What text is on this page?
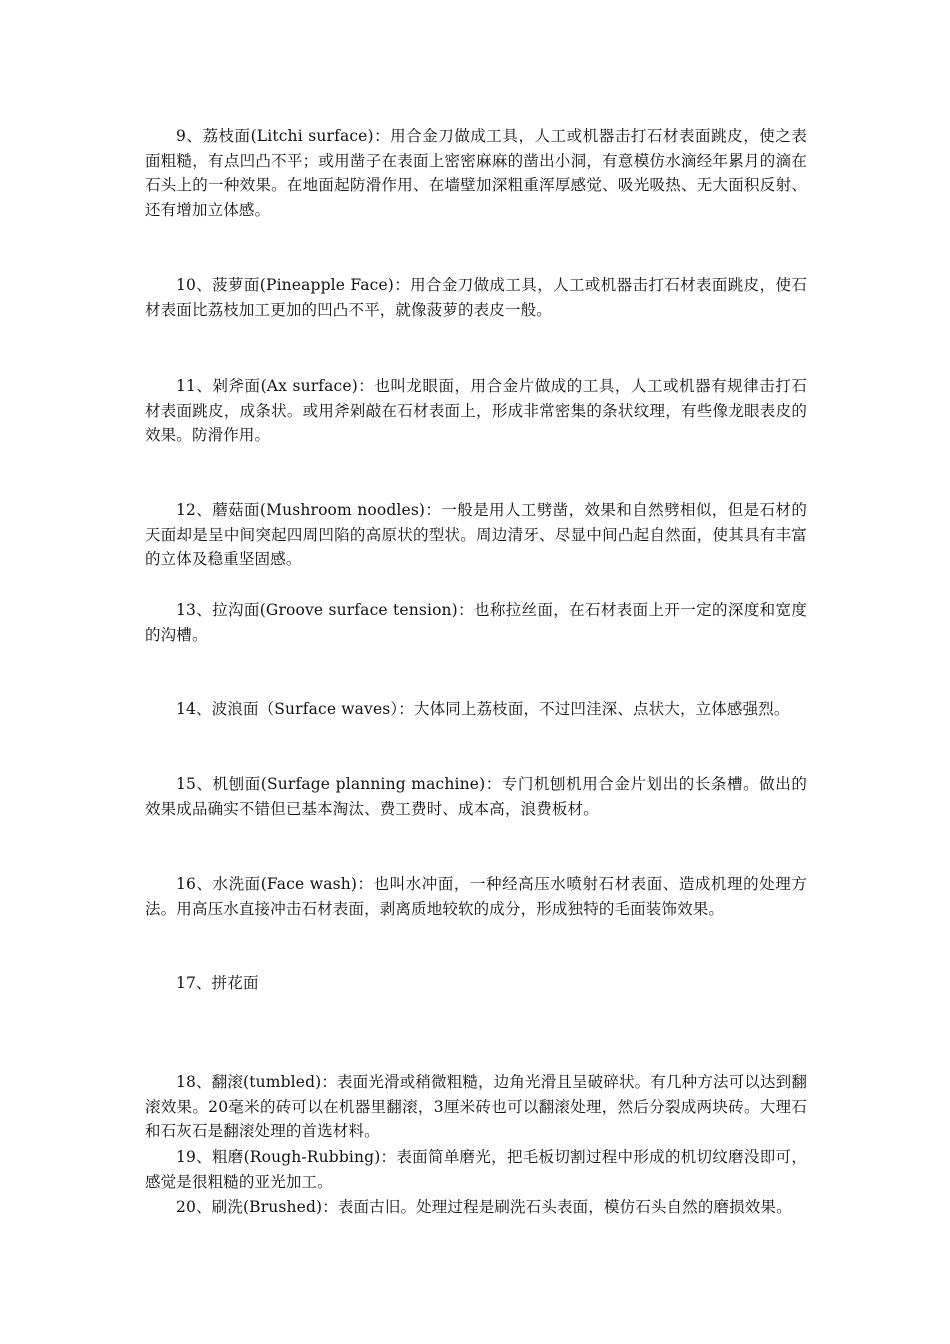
9、荔枝面(Litchi surface)：用合金刀做成工具，人工或机器击打石材表面跳皮，使之表面粗糙，有点凹凸不平；或用凿子在表面上密密麻麻的凿出小洞，有意模仿水滴经年累月的滴在石头上的一种效果。在地面起防滑作用、在墙壁加深粗重浑厚感觉、吸光吸热、无大面积反射、还有增加立体感。

10、菠萝面(Pineapple Face)：用合金刀做成工具，人工或机器击打石材表面跳皮，使石材表面比荔枝加工更加的凹凸不平，就像菠萝的表皮一般。

11、剁斧面(Ax surface)：也叫龙眼面，用合金片做成的工具，人工或机器有规律击打石材表面跳皮，成条状。或用斧剁敲在石材表面上，形成非常密集的条状纹理，有些像龙眼表皮的效果。防滑作用。

12、蘑菇面(Mushroom noodles)：一般是用人工劈凿，效果和自然劈相似，但是石材的天面却是呈中间突起四周凹陷的高原状的型状。周边清牙、尽显中间凸起自然面，使其具有丰富的立体及稳重坚固感。

13、拉沟面(Groove surface tension)：也称拉丝面，在石材表面上开一定的深度和宽度的沟槽。

14、波浪面（Surface waves）：大体同上荔枝面，不过凹洼深、点状大，立体感强烈。

15、机刨面(Surfage planning machine)：专门机刨机用合金片划出的长条槽。做出的效果成品确实不错但已基本淘汰、费工费时、成本高，浪费板材。

16、水洗面(Face wash)：也叫水冲面，一种经高压水喷射石材表面、造成机理的处理方法。用高压水直接冲击石材表面，剥离质地较软的成分，形成独特的毛面装饰效果。

17、拼花面

18、翻滚(tumbled)：表面光滑或稍微粗糙，边角光滑且呈破碎状。有几种方法可以达到翻滚效果。20毫米的砖可以在机器里翻滚，3厘米砖也可以翻滚处理，然后分裂成两块砖。大理石和石灰石是翻滚处理的首选材料。

19、粗磨(Rough-Rubbing)：表面简单磨光，把毛板切割过程中形成的机切纹磨没即可，感觉是很粗糙的亚光加工。

20、刷洗(Brushed)：表面古旧。处理过程是刷洗石头表面，模仿石头自然的磨损效果。
